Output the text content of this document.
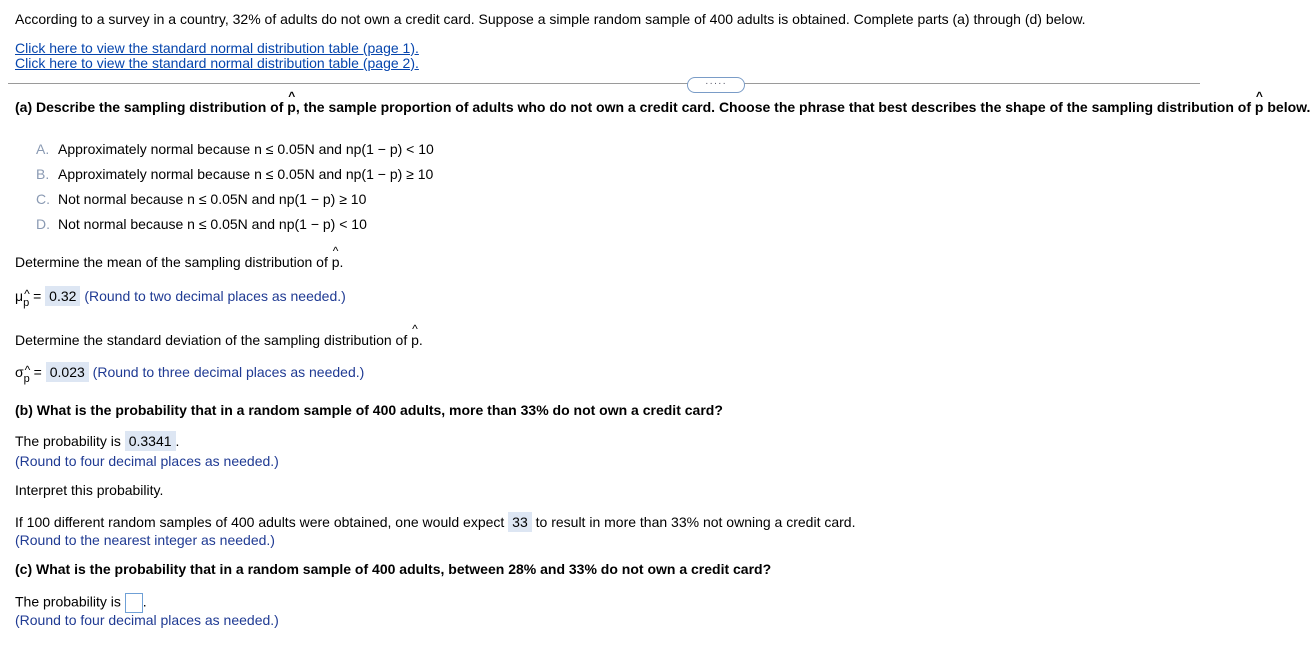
According to a survey in a country, 32% of adults do not own a credit card. Suppose a simple random sample of 400 adults is obtained. Complete parts (a) through (d) below.
Click here to view the standard normal distribution table (page 1).
Click here to view the standard normal distribution table (page 2).
·····
(a) Describe the sampling distribution of ^ p, the sample proportion of adults who do not own a credit card. Choose the phrase that best describes the shape of the sampling distribution of ^ p below.
A. Approximately normal because n ≤ 0.05N and np(1 − p) < 10
B. Approximately normal because n ≤ 0.05N and np(1 − p) ≥ 10
C. Not normal because n ≤ 0.05N and np(1 − p) ≥ 10
D. Not normal because n ≤ 0.05N and np(1 − p) < 10
Determine the mean of the sampling distribution of ^ p.
μ^ p = 0.32 (Round to two decimal places as needed.)
Determine the standard deviation of the sampling distribution of ^ p.
σ^ p = 0.023 (Round to three decimal places as needed.)
(b) What is the probability that in a random sample of 400 adults, more than 33% do not own a credit card?
The probability is 0.3341 .
(Round to four decimal places as needed.)
Interpret this probability.
If 100 different random samples of 400 adults were obtained, one would expect 33 to result in more than 33% not owning a credit card.
(Round to the nearest integer as needed.)
(c) What is the probability that in a random sample of 400 adults, between 28% and 33% do not own a credit card?
The probability is .
(Round to four decimal places as needed.)
